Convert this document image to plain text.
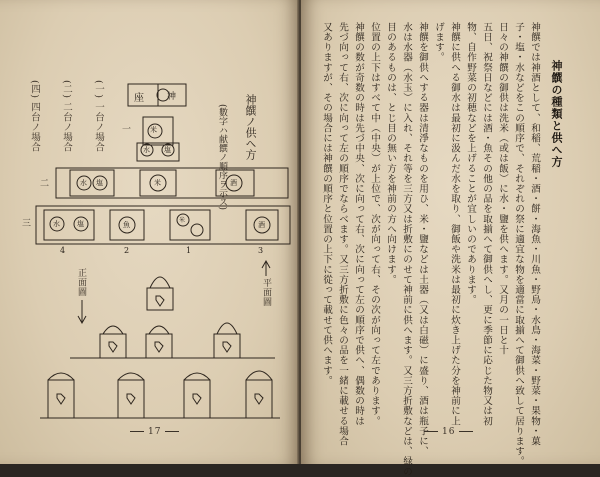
(四) 四台ノ場合 (二) 二台ノ場合 (一) 一台ノ場合	神饌ノ供ヘ方
(數字ハ献饌ノ順序ヲ示ス)
座	神
一
二
三
米
水 塩
水 塩	米	酒
水 塩	魚
米
酒
4	2	1	3
正面圖	平面圖
17
神饌の種類と供へ方
神饌では神酒として、和稲、荒稲・酒・餅・海魚・川魚・野鳥・水鳥・海菜・野菜・果物・菓
子・塩・水などをこの順序で、それぞれの祭に適宜な物を適當に取揃へて御供へ致して居ります。
日々の神饌の御供は洗米（或は飯）に水・鹽を供へます。又月の一日と十
五日、祝祭日などには酒・魚その他の品を取揃へて御供へし、更に季節に応じた物又は初
物、自作野菜の初穂などを上げることが宜しいのであります。
神饌に供へる御水は最初に汲んだ水を取り、御飯や洗米は最初に炊き上げた分を神前に上
げます。
神饌を御供へする器は清淨なものを用ひ、米・鹽などは土器（又は白磁）に盛り、酒は瓶子に、
水は水器（水玉）に入れ、それ等を三方又は折敷にのせて神前に供へます。又三方折敷などは、緑の
目のあるものは、とじ目の無い方を神前の方へ向けます。
位置の上下はすべて中（中央）が上位で、次が向って右、その次が向って左であります。
神饌の数が奇数の時は先づ中央、次に向って右、次に向って左の順序で供へ、偶数の時は
先づ向って右、次に向って左の順序でならべます。又三方折敷に色々の品を一緒に載せる場合
又ありますが、その場合には神饌の順序と位置の上下に從って載せて供へます。
16
